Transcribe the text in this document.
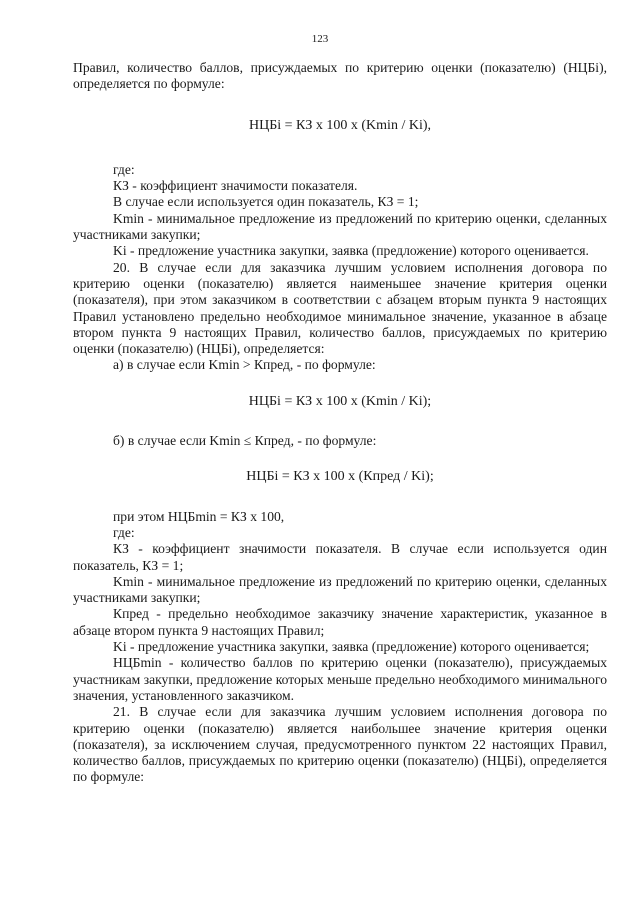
123

Правил, количество баллов, присуждаемых по критерию оценки (показателю) (НЦБi), определяется по формуле:

НЦБi = КЗ х 100 х (Kmin / Ki),

где:

КЗ - коэффициент значимости показателя.

В случае если используется один показатель, КЗ = 1;

Kmin - минимальное предложение из предложений по критерию оценки, сделанных участниками закупки;

Ki - предложение участника закупки, заявка (предложение) которого оценивается.

20. В случае если для заказчика лучшим условием исполнения договора по критерию оценки (показателю) является наименьшее значение критерия оценки (показателя), при этом заказчиком в соответствии с абзацем вторым пункта 9 настоящих Правил установлено предельно необходимое минимальное значение, указанное в абзаце втором пункта 9 настоящих Правил, количество баллов, присуждаемых по критерию оценки (показателю) (НЦБi), определяется:

а) в случае если Kmin > Кпред, - по формуле:

НЦБi = КЗ х 100 х (Kmin / Ki);

б) в случае если Kmin ≤ Кпред, - по формуле:

НЦБi = КЗ х 100 х (Кпред / Ki);

при этом НЦБmin = КЗ х 100,

где:

КЗ - коэффициент значимости показателя. В случае если используется один показатель, КЗ = 1;

Kmin - минимальное предложение из предложений по критерию оценки, сделанных участниками закупки;

Кпред - предельно необходимое заказчику значение характеристик, указанное в абзаце втором пункта 9 настоящих Правил;

Ki - предложение участника закупки, заявка (предложение) которого оценивается;

НЦБmin - количество баллов по критерию оценки (показателю), присуждаемых участникам закупки, предложение которых меньше предельно необходимого минимального значения, установленного заказчиком.

21. В случае если для заказчика лучшим условием исполнения договора по критерию оценки (показателю) является наибольшее значение критерия оценки (показателя), за исключением случая, предусмотренного пунктом 22 настоящих Правил, количество баллов, присуждаемых по критерию оценки (показателю) (НЦБi), определяется по формуле:
